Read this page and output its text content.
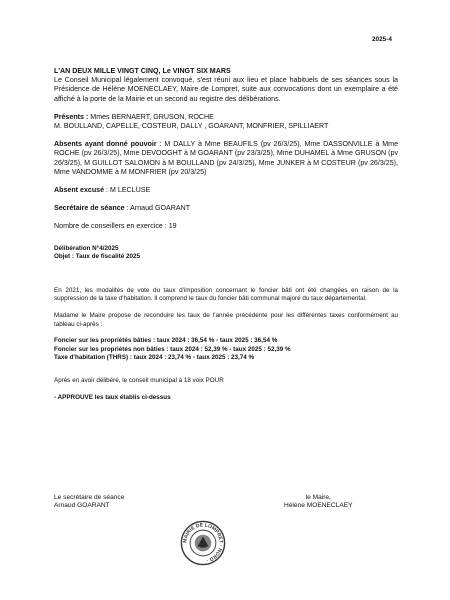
2025-4

L'AN DEUX MILLE VINGT CINQ, Le VINGT SIX MARS

Le Conseil Municipal légalement convoqué, s'est réuni aux lieu et place habituels de ses séances sous la Présidence de Hélène MOENECLAEY, Maire de Lompret, suite aux convocations dont un exemplaire a été affiché à la porte de la Mairie et un second au registre des délibérations.

Présents : Mmes BERNAERT, GRUSON, ROCHE

M. BOULLAND, CAPELLE, COSTEUR, DALLY , GOARANT, MONFRIER, SPILLIAERT

Absents ayant donné pouvoir : M DALLY à Mme BEAUFILS (pv 26/3/25), Mme DASSONVILLE à Mme ROCHE (pv 26/3/25), Mme DEVOOGHT à M GOARANT (pv 23/3/25), Mme DUHAMEL à Mme GRUSON (pv 26/3/25), M GUILLOT SALOMON à M BOULLAND (pv 24/3/25), Mme JUNKER à M COSTEUR (pv 26/3/25), Mme VANDOMME à M MONFRIER (pv 20/3/25)

Absent excusé : M LECLUSE

Secrétaire de séance : Arnaud GOARANT

Nombre de conseillers en exercice : 19

Délibération N°4/2025

Objet : Taux de fiscalité 2025

En 2021, les modalités de vote du taux d'imposition concernant le foncier bâti ont été changées en raison de la suppression de la taxe d'habitation. Il comprend le taux du foncier bâti communal majoré du taux départemental.

Madame le Maire propose de reconduire les taux de l'année précédente pour les différentes taxes conformément au tableau ci-après :

Foncier sur les propriétés bâties : taux 2024 : 36,54 % - taux 2025 : 36,54 %

Foncier sur les propriétés non bâties : taux 2024 : 52,39 % - taux 2025 : 52,39 %

Taxe d'habitation (THRS) : taux 2024 : 23,74 % - taux 2025 : 23,74 %

Après en avoir délibéré, le conseil municipal à 18 voix POUR

- APPROUVE les taux établis ci-dessus

Le secrétaire de séance
Arnaud GOARANT
le Maire,
Hélène MOENECLAEY
MAIRIE DE LOMPRET · NORD ·
